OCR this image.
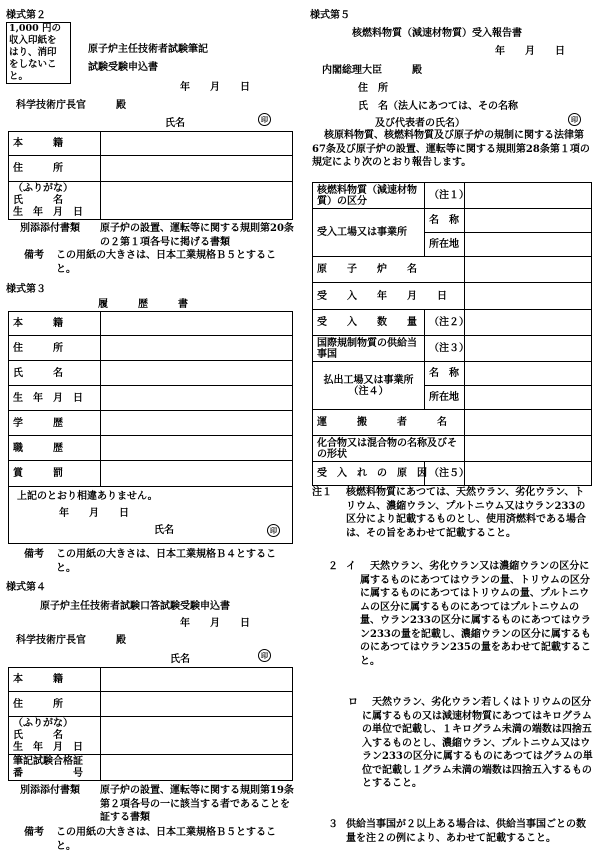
様式第２
1,000 円の
収入印紙を
はり、消印
をしないこ
と。
原子炉主任技術者試験筆記
試験受験申込書
年　　月　　日
科学技術庁長官　　　殿
氏名	印
本　　　籍	
住　　　所	

（ふりがな）
氏　　　名
生　年　月　日	

別添添付書類	原子炉の設置、運転等に関する規則第20条の２第１項各号に掲げる書類
備考 この用紙の大きさは、日本工業規格Ｂ５とすること。
様式第３
履　　　歴　　　書
本　　　籍	
住　　　所	
氏　　　名	
生　年　月　日	
学　　　歴	
職　　　歴	
賞　　　罰	

上記のとおり相違ありません。
年　　月　　日
氏名 印	
備考 この用紙の大きさは、日本工業規格Ｂ４とすること。
様式第４
原子炉主任技術者試験口答試験受験申込書
年　　月　　日
科学技術庁長官　　　殿
氏名	印
本　　　籍	
住　　　所	

（ふりがな）
氏　　　名
生　年　月　日	

筆記試験合格証
番　　　　　号	

別添添付書類	原子炉の設置、運転等に関する規則第19条第２項各号の一に該当する者であることを証する書類
備考 この用紙の大きさは、日本工業規格Ｂ５とすること。
様式第５
核燃料物質（減速材物質）受入報告書
年　　月　　日
内閣総理大臣　　　殿
住　所
氏　名（法人にあつては、その名称
及び代表者の氏名）	印
核原料物質、核燃料物質及び原子炉の規制に関する法律第67条及び原子炉の設置、運転等に関する規則第28条第１項の規定により次のとおり報告します。
核燃料物質（減速材物質）の区分	（注１）	
受入工場又は事業所	名　称	
	所在地	
原　　子　　炉　　名		
受　　入　　年　　月　　日		
受　　入　　数　　量	（注２）	
国際規制物質の供給当事国	（注３）	

払出工場又は事業所
（注４）	名　称	
	所在地	
運　　　搬　　　者　　　名		
化合物又は混合物の名称及びその形状		
受　入　れ　の　原　因	（注５）	
注１ 核燃料物質にあつては、天然ウラン、劣化ウラン、トリウム、濃縮ウラン、プルトニウム又はウラン233の区分により記載するものとし、使用済燃料である場合は、その旨をあわせて記載すること。
２ イ	天然ウラン、劣化ウラン又は濃縮ウランの区分に属するものにあつてはウランの量、トリウムの区分に属するものにあつてはトリウムの量、プルトニウムの区分に属するものにあつてはプルトニウムの量、ウラン233の区分に属するものにあつてはウラン233の量を記載し、濃縮ウランの区分に属するものにあつてはウラン235の量をあわせて記載すること。
ロ	天然ウラン、劣化ウラン若しくはトリウムの区分に属するもの又は減速材物質にあつてはキログラムの単位で記載し、１キログラム未満の端数は四捨五入するものとし、濃縮ウラン、プルトニウム又はウラン233の区分に属するものにあつてはグラムの単位で記載し１グラム未満の端数は四捨五入するものとすること。
３ 供給当事国が２以上ある場合は、供給当事国ごとの数量を注２の例により、あわせて記載すること。
